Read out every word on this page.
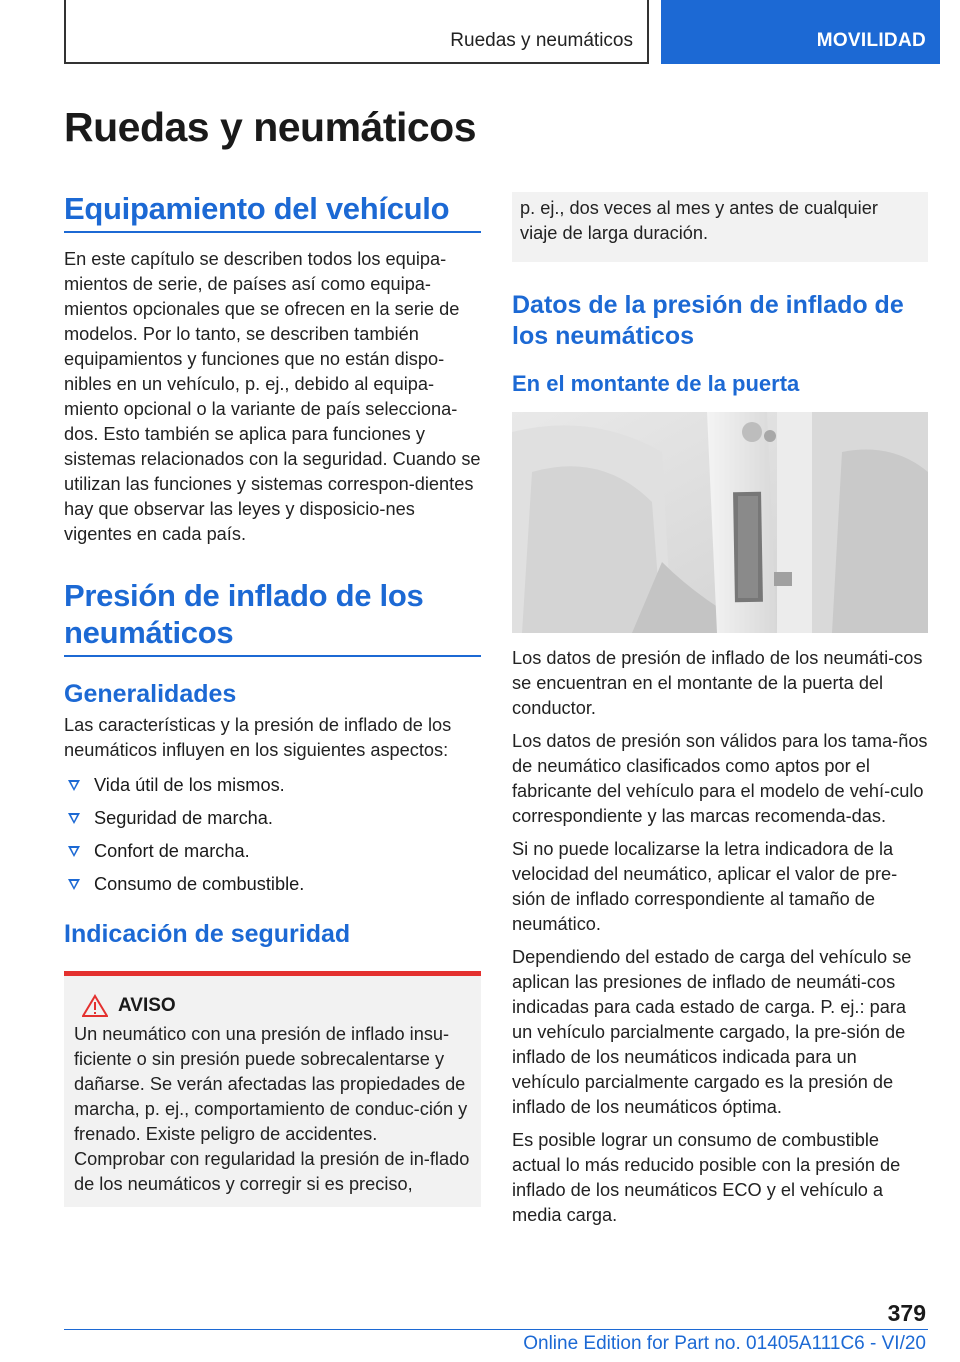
Ruedas y neumáticos	MOVILIDAD
Ruedas y neumáticos
Equipamiento del vehículo

En este capítulo se describen todos los equipa-mientos de serie, de países así como equipa-mientos opcionales que se ofrecen en la serie de modelos. Por lo tanto, se describen también equipamientos y funciones que no están dispo-nibles en un vehículo, p. ej., debido al equipa-miento opcional o la variante de país selecciona-dos. Esto también se aplica para funciones y sistemas relacionados con la seguridad. Cuando se utilizan las funciones y sistemas correspon-dientes hay que observar las leyes y disposicio-nes vigentes en cada país.

Presión de inflado de los neumáticos
Generalidades

Las características y la presión de inflado de los neumáticos influyen en los siguientes aspectos:

Vida útil de los mismos.
Seguridad de marcha.
Confort de marcha.
Consumo de combustible.
Indicación de seguridad
AVISO

Un neumático con una presión de inflado insu-ficiente o sin presión puede sobrecalentarse y dañarse. Se verán afectadas las propiedades de marcha, p. ej., comportamiento de conduc-ción y frenado. Existe peligro de accidentes. Comprobar con regularidad la presión de in-flado de los neumáticos y corregir si es preciso,

p. ej., dos veces al mes y antes de cualquier viaje de larga duración.

Datos de la presión de inflado de los neumáticos
En el montante de la puerta

Los datos de presión de inflado de los neumáti-cos se encuentran en el montante de la puerta del conductor.

Los datos de presión son válidos para los tama-ños de neumático clasificados como aptos por el fabricante del vehículo para el modelo de vehí-culo correspondiente y las marcas recomenda-das.

Si no puede localizarse la letra indicadora de la velocidad del neumático, aplicar el valor de pre-sión de inflado correspondiente al tamaño de neumático.

Dependiendo del estado de carga del vehículo se aplican las presiones de inflado de neumáti-cos indicadas para cada estado de carga. P. ej.: para un vehículo parcialmente cargado, la pre-sión de inflado de los neumáticos indicada para un vehículo parcialmente cargado es la presión de inflado de los neumáticos óptima.

Es posible lograr un consumo de combustible actual lo más reducido posible con la presión de inflado de los neumáticos ECO y el vehículo a media carga.

379
Online Edition for Part no. 01405A111C6 - VI/20
